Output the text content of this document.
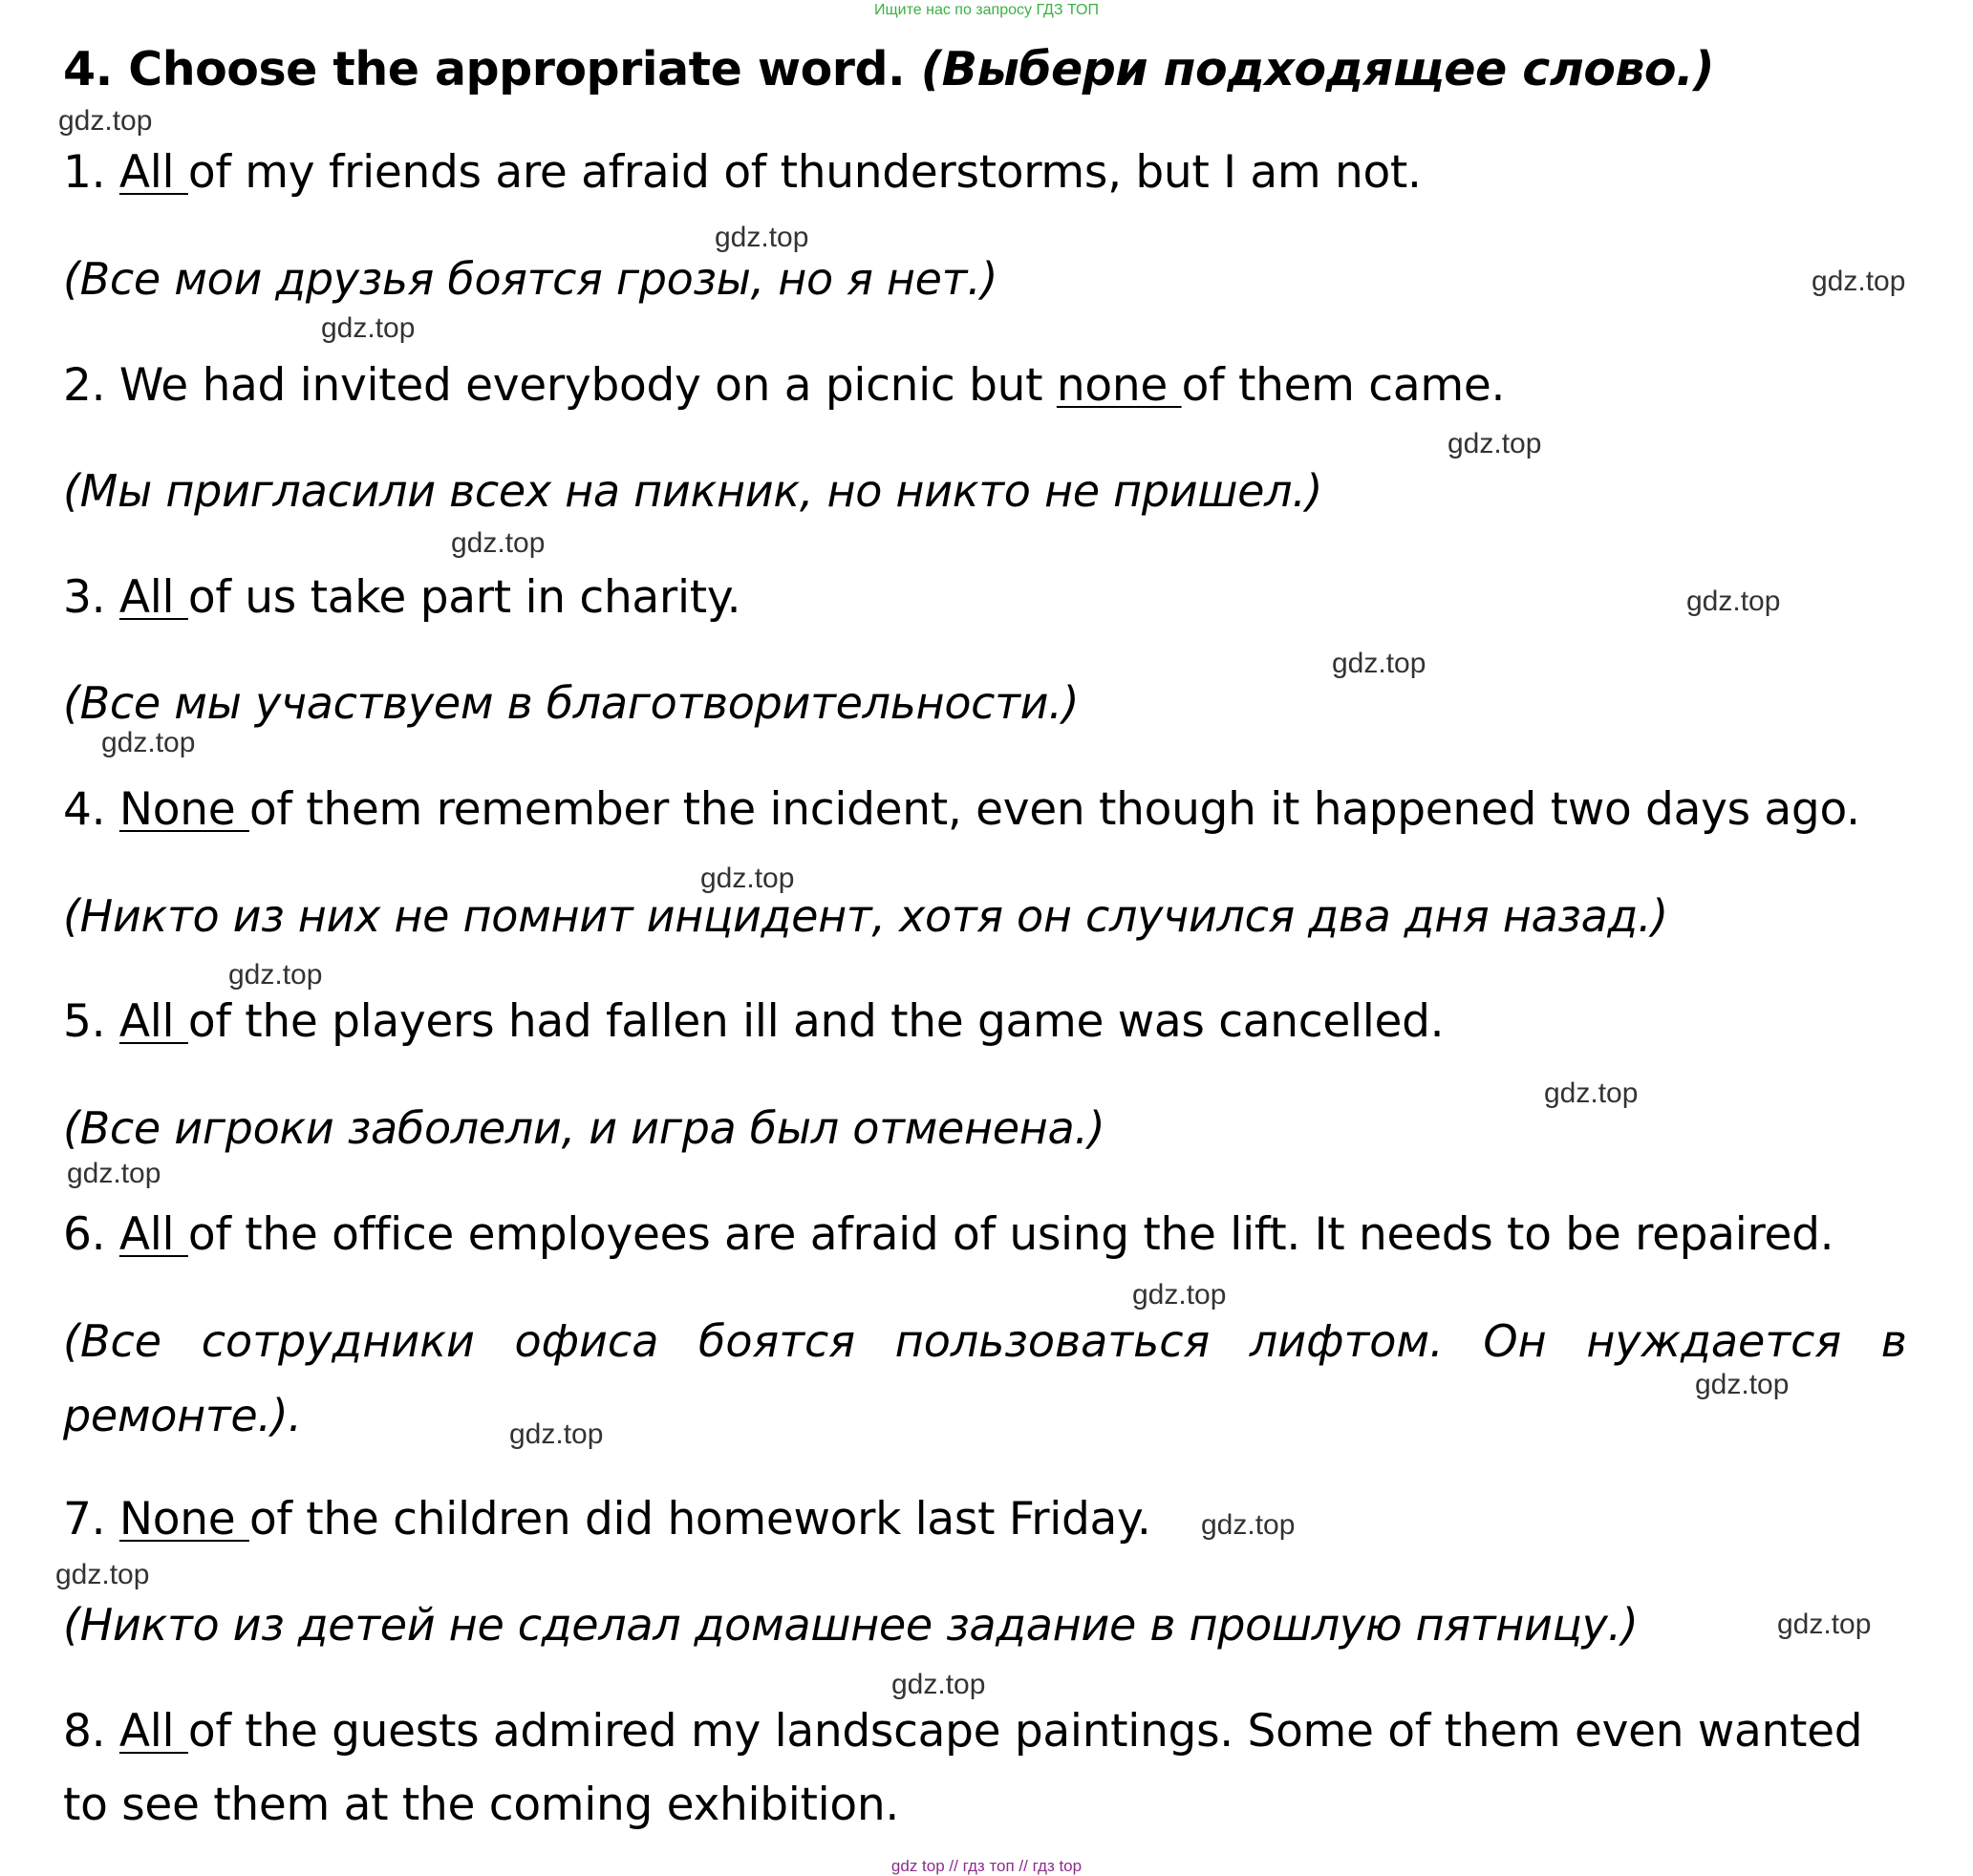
Ищите нас по запросу ГДЗ ТОП
4. Choose the appropriate word. (Выбери подходящее слово.)
1. All of my friends are afraid of thunderstorms, but I am not.
(Все мои друзья боятся грозы, но я нет.)
2. We had invited everybody on a picnic but none of them came.
(Мы пригласили всех на пикник, но никто не пришел.)
3. All of us take part in charity.
(Все мы участвуем в благотворительности.)
4. None of them remember the incident, even though it happened two days ago.
(Никто из них не помнит инцидент, хотя он случился два дня назад.)
5. All of the players had fallen ill and the game was cancelled.
(Все игроки заболели, и игра был отменена.)
6. All of the office employees are afraid of using the lift. It needs to be repaired.
(Все сотрудники офиса боятся пользоваться лифтом. Он нуждается в
ремонте.).
7. None of the children did homework last Friday.
(Никто из детей не сделал домашнее задание в прошлую пятницу.)
8. All of the guests admired my landscape paintings. Some of them even wanted
to see them at the coming exhibition.
gdz.top
gdz.top
gdz.top
gdz.top
gdz.top
gdz.top
gdz.top
gdz.top
gdz.top
gdz.top
gdz.top
gdz.top
gdz.top
gdz.top
gdz.top
gdz.top
gdz.top
gdz.top
gdz.top
gdz.top
gdz top // гдз топ // гдз top
